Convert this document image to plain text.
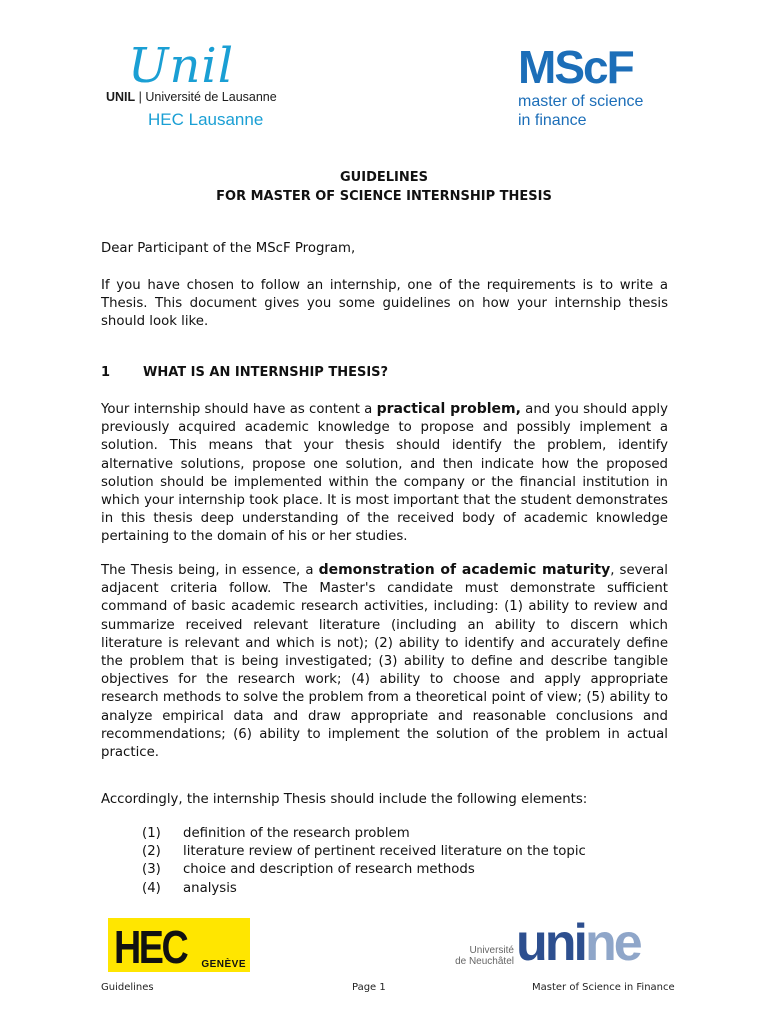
Unil
UNIL | Université de Lausanne
HEC Lausanne
MScF
master of science
in finance
GUIDELINES
FOR MASTER OF SCIENCE INTERNSHIP THESIS
Dear Participant of the MScF Program,
If you have chosen to follow an internship, one of the requirements is to write a Thesis. This document gives you some guidelines on how your internship thesis should look like.
1	WHAT IS AN INTERNSHIP THESIS?
Your internship should have as content a practical problem, and you should apply previously acquired academic knowledge to propose and possibly implement a solution. This means that your thesis should identify the problem, identify alternative solutions, propose one solution, and then indicate how the proposed solution should be implemented within the company or the financial institution in which your internship took place. It is most important that the student demonstrates in this thesis deep understanding of the received body of academic knowledge pertaining to the domain of his or her studies.
The Thesis being, in essence, a demonstration of academic maturity, several adjacent criteria follow. The Master's candidate must demonstrate sufficient command of basic academic research activities, including: (1) ability to review and summarize received relevant literature (including an ability to discern which literature is relevant and which is not); (2) ability to identify and accurately define the problem that is being investigated; (3) ability to define and describe tangible objectives for the research work; (4) ability to choose and apply appropriate research methods to solve the problem from a theoretical point of view; (5) ability to analyze empirical data and draw appropriate and reasonable conclusions and recommendations; (6) ability to implement the solution of the problem in actual practice.
Accordingly, the internship Thesis should include the following elements:
(1) definition of the research problem
(2) literature review of pertinent received literature on the topic
(3) choice and description of research methods
(4) analysis
HEC GENÈVE
Université
de Neuchâtel unine
Guidelines	Page 1	Master of Science in Finance
